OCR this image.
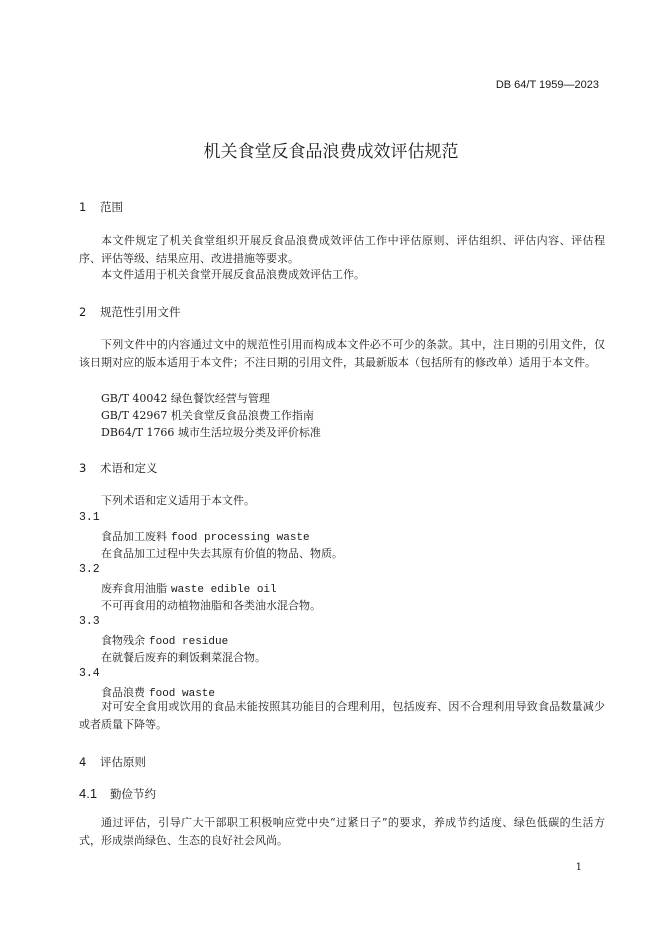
DB 64/T 1959—2023
机关食堂反食品浪费成效评估规范
1 范围
本文件规定了机关食堂组织开展反食品浪费成效评估工作中评估原则、评估组织、评估内容、评估程序、评估等级、结果应用、改进措施等要求。
本文件适用于机关食堂开展反食品浪费成效评估工作。
2 规范性引用文件
下列文件中的内容通过文中的规范性引用而构成本文件必不可少的条款。其中，注日期的引用文件，仅该日期对应的版本适用于本文件；不注日期的引用文件，其最新版本（包括所有的修改单）适用于本文件。
GB/T 40042 绿色餐饮经营与管理
GB/T 42967 机关食堂反食品浪费工作指南
DB64/T 1766 城市生活垃圾分类及评价标准
3 术语和定义
下列术语和定义适用于本文件。
3.1
食品加工废料 food processing waste
在食品加工过程中失去其原有价值的物品、物质。
3.2
废弃食用油脂 waste edible oil
不可再食用的动植物油脂和各类油水混合物。
3.3
食物残余 food residue
在就餐后废弃的剩饭剩菜混合物。
3.4
食品浪费 food waste
对可安全食用或饮用的食品未能按照其功能目的合理利用，包括废弃、因不合理利用导致食品数量减少或者质量下降等。
4 评估原则
4.1 勤俭节约
通过评估，引导广大干部职工积极响应党中央“过紧日子”的要求，养成节约适度、绿色低碳的生活方式，形成崇尚绿色、生态的良好社会风尚。
1
